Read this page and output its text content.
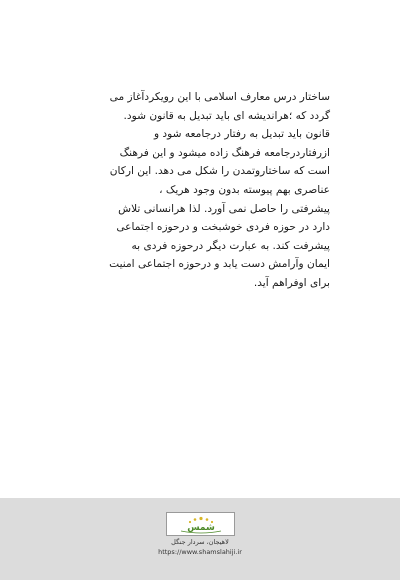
ساختار درس معارف اسلامی با این رویکردآغاز می
گردد که ؛هراندیشه ای باید تبدیل به قانون شود.
قانون باید تبدیل به رفتار درجامعه شود و
ازرفتاردرجامعه فرهنگ زاده میشود و این فرهنگ
است که ساختاروتمدن را شکل می دهد. این ارکان
عناصری بهم پیوسته بدون وجود هریک ،
پیشرفتی را حاصل نمی آورد. لذا هرانسانی تلاش
دارد در حوزه فردی خوشبخت و درحوزه اجتماعی
پیشرفت کند. به عبارت دیگر درحوزه فردی به
ایمان وآرامش دست یابد و درحوزه اجتماعی امنیت
برای اوفراهم آید.

شمس
لاهیجان، سردار جنگل
https://www.shamslahiji.ir
